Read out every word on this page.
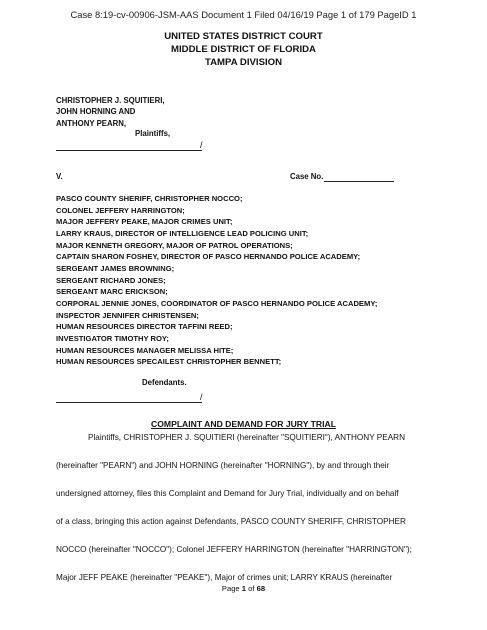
Case 8:19-cv-00906-JSM-AAS Document 1 Filed 04/16/19 Page 1 of 179 PageID 1
UNITED STATES DISTRICT COURT
MIDDLE DISTRICT OF FLORIDA
TAMPA DIVISION
CHRISTOPHER J. SQUITIERI,
JOHN HORNING AND
ANTHONY PEARN,
Plaintiffs,
/
V.	Case No.
PASCO COUNTY SHERIFF, CHRISTOPHER NOCCO;
COLONEL JEFFERY HARRINGTON;
MAJOR JEFFERY PEAKE, MAJOR CRIMES UNIT;
LARRY KRAUS, DIRECTOR OF INTELLIGENCE LEAD POLICING UNIT;
MAJOR KENNETH GREGORY, MAJOR OF PATROL OPERATIONS;
CAPTAIN SHARON FOSHEY, DIRECTOR OF PASCO HERNANDO POLICE ACADEMY;
SERGEANT JAMES BROWNING;
SERGEANT RICHARD JONES;
SERGEANT MARC ERICKSON;
CORPORAL JENNIE JONES, COORDINATOR OF PASCO HERNANDO POLICE ACADEMY;
INSPECTOR JENNIFER CHRISTENSEN;
HUMAN RESOURCES DIRECTOR TAFFINI REED;
INVESTIGATOR TIMOTHY ROY;
HUMAN RESOURCES MANAGER MELISSA HITE;
HUMAN RESOURCES SPECAILEST CHRISTOPHER BENNETT;
Defendants.
/
COMPLAINT AND DEMAND FOR JURY TRIAL
Plaintiffs, CHRISTOPHER J. SQUITIERI (hereinafter "SQUITIERI"), ANTHONY PEARN
(hereinafter "PEARN") and JOHN HORNING (hereinafter "HORNING"), by and through their
undersigned attorney, files this Complaint and Demand for Jury Trial, individually and on behalf
of a class, bringing this action against Defendants, PASCO COUNTY SHERIFF, CHRISTOPHER
NOCCO (hereinafter "NOCCO"); Colonel JEFFERY HARRINGTON (hereinafter "HARRINGTON");
Major JEFF PEAKE (hereinafter "PEAKE"), Major of crimes unit; LARRY KRAUS (hereinafter
Page 1 of 68
